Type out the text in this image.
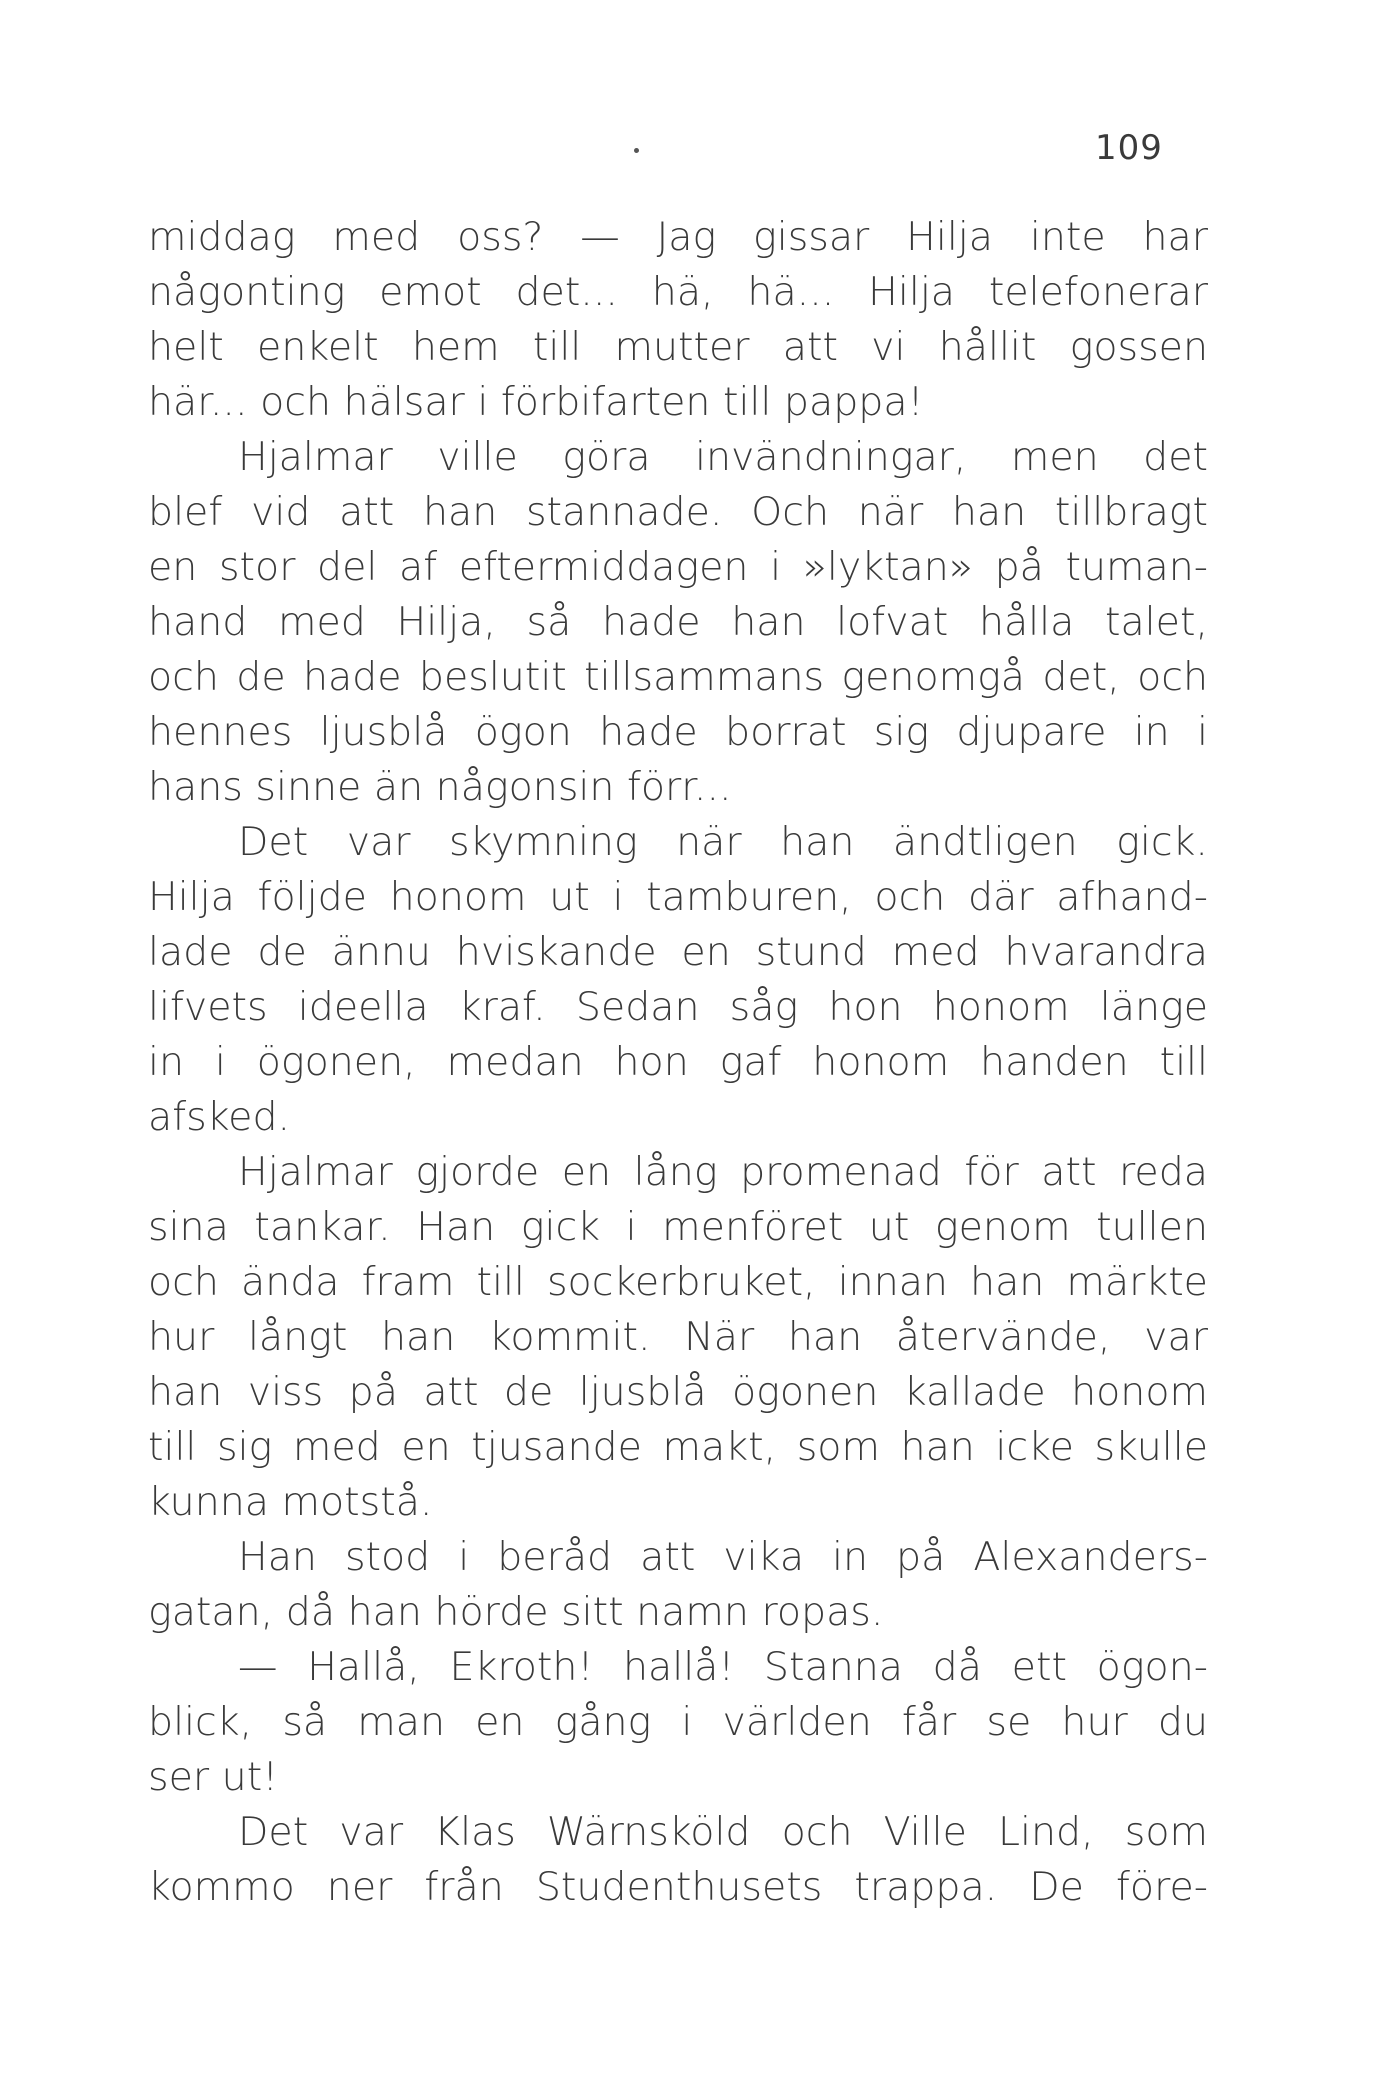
109
middag med oss? — Jag gissar Hilja inte har
någonting emot det... hä, hä... Hilja telefonerar
helt enkelt hem till mutter att vi hållit gossen
här... och hälsar i förbifarten till pappa!
Hjalmar ville göra invändningar, men det
blef vid att han stannade. Och när han tillbragt
en stor del af eftermiddagen i »lyktan» på tuman-
hand med Hilja, så hade han lofvat hålla talet,
och de hade beslutit tillsammans genomgå det, och
hennes ljusblå ögon hade borrat sig djupare in i
hans sinne än någonsin förr...
Det var skymning när han ändtligen gick.
Hilja följde honom ut i tamburen, och där afhand-
lade de ännu hviskande en stund med hvarandra
lifvets ideella kraf. Sedan såg hon honom länge
in i ögonen, medan hon gaf honom handen till
afsked.
Hjalmar gjorde en lång promenad för att reda
sina tankar. Han gick i menföret ut genom tullen
och ända fram till sockerbruket, innan han märkte
hur långt han kommit. När han återvände, var
han viss på att de ljusblå ögonen kallade honom
till sig med en tjusande makt, som han icke skulle
kunna motstå.
Han stod i beråd att vika in på Alexanders-
gatan, då han hörde sitt namn ropas.
— Hallå, Ekroth! hallå! Stanna då ett ögon-
blick, så man en gång i världen får se hur du
ser ut!
Det var Klas Wärnsköld och Ville Lind, som
kommo ner från Studenthusets trappa. De före-
